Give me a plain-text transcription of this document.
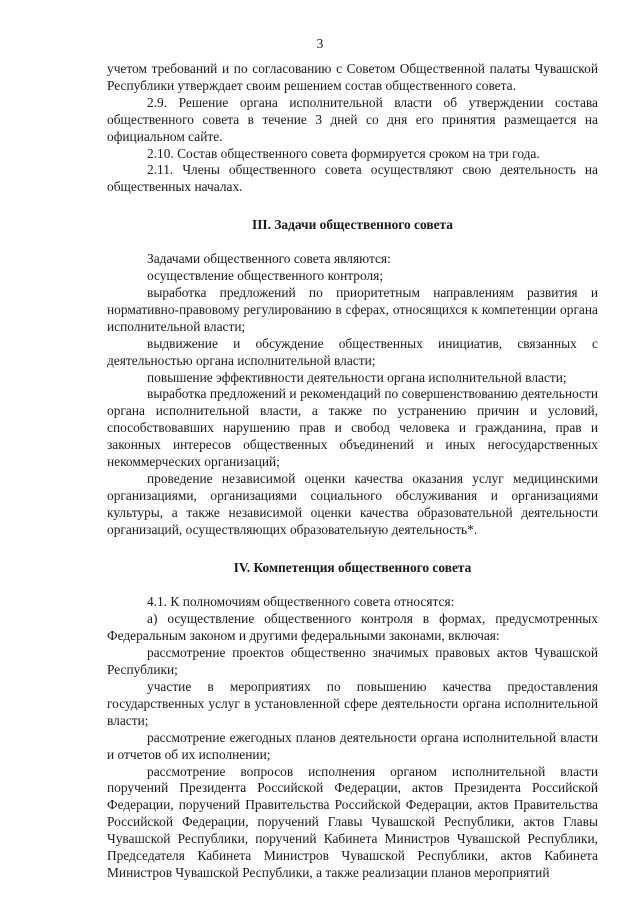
3

учетом требований и по согласованию с Советом Общественной палаты Чувашской Республики утверждает своим решением состав общественного совета.

2.9. Решение органа исполнительной власти об утверждении состава общественного совета в течение 3 дней со дня его принятия размещается на официальном сайте.

2.10. Состав общественного совета формируется сроком на три года.

2.11. Члены общественного совета осуществляют свою деятельность на общественных началах.

III. Задачи общественного совета

Задачами общественного совета являются:

осуществление общественного контроля;

выработка предложений по приоритетным направлениям развития и нормативно-правовому регулированию в сферах, относящихся к компетенции органа исполнительной власти;

выдвижение и обсуждение общественных инициатив, связанных с деятельностью органа исполнительной власти;

повышение эффективности деятельности органа исполнительной власти;

выработка предложений и рекомендаций по совершенствованию деятельности органа исполнительной власти, а также по устранению причин и условий, способствовавших нарушению прав и свобод человека и гражданина, прав и законных интересов общественных объединений и иных негосударственных некоммерческих организаций;

проведение независимой оценки качества оказания услуг медицинскими организациями, организациями социального обслуживания и организациями культуры, а также независимой оценки качества образовательной деятельности организаций, осуществляющих образовательную деятельность*.

IV. Компетенция общественного совета

4.1. К полномочиям общественного совета относятся:

а) осуществление общественного контроля в формах, предусмотренных Федеральным законом и другими федеральными законами, включая:

рассмотрение проектов общественно значимых правовых актов Чувашской Республики;

участие в мероприятиях по повышению качества предоставления государственных услуг в установленной сфере деятельности органа исполнительной власти;

рассмотрение ежегодных планов деятельности органа исполнительной власти и отчетов об их исполнении;

рассмотрение вопросов исполнения органом исполнительной власти поручений Президента Российской Федерации, актов Президента Российской Федерации, поручений Правительства Российской Федерации, актов Правительства Российской Федерации, поручений Главы Чувашской Республики, актов Главы Чувашской Республики, поручений Кабинета Министров Чувашской Республики, Председателя Кабинета Министров Чувашской Республики, актов Кабинета Министров Чувашской Республики, а также реализации планов мероприятий
